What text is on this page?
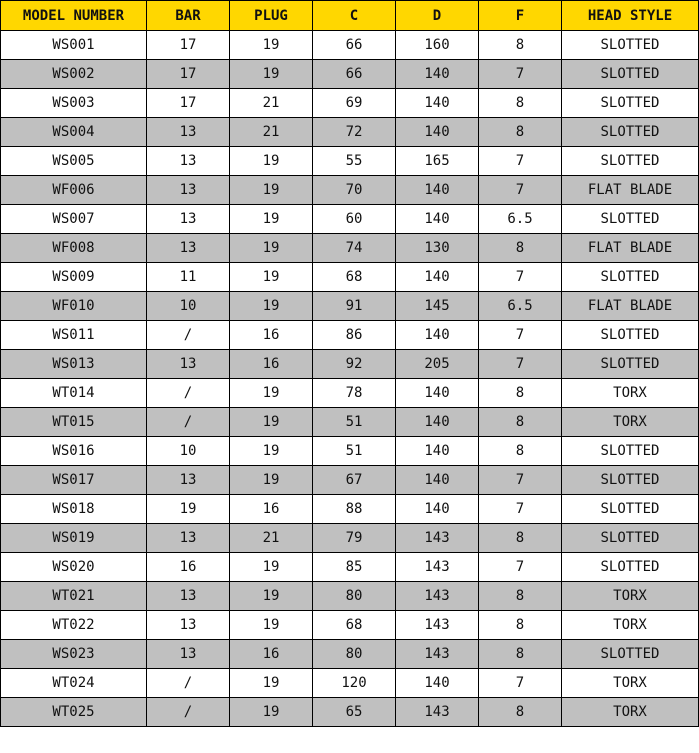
MODEL NUMBER	BAR	PLUG	C	D	F	HEAD STYLE
WS001	17	19	66	160	8	SLOTTED
WS002	17	19	66	140	7	SLOTTED
WS003	17	21	69	140	8	SLOTTED
WS004	13	21	72	140	8	SLOTTED
WS005	13	19	55	165	7	SLOTTED
WF006	13	19	70	140	7	FLAT BLADE
WS007	13	19	60	140	6.5	SLOTTED
WF008	13	19	74	130	8	FLAT BLADE
WS009	11	19	68	140	7	SLOTTED
WF010	10	19	91	145	6.5	FLAT BLADE
WS011	/	16	86	140	7	SLOTTED
WS013	13	16	92	205	7	SLOTTED
WT014	/	19	78	140	8	TORX
WT015	/	19	51	140	8	TORX
WS016	10	19	51	140	8	SLOTTED
WS017	13	19	67	140	7	SLOTTED
WS018	19	16	88	140	7	SLOTTED
WS019	13	21	79	143	8	SLOTTED
WS020	16	19	85	143	7	SLOTTED
WT021	13	19	80	143	8	TORX
WT022	13	19	68	143	8	TORX
WS023	13	16	80	143	8	SLOTTED
WT024	/	19	120	140	7	TORX
WT025	/	19	65	143	8	TORX
